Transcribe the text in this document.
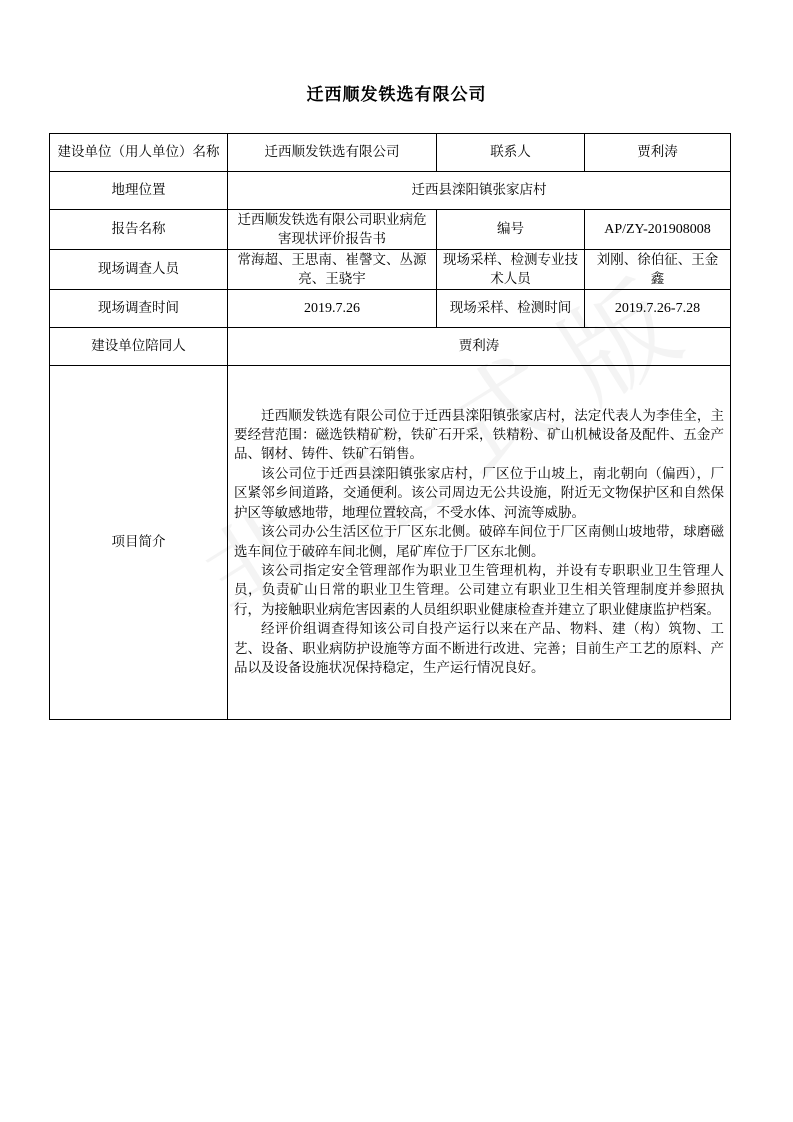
迁西顺发铁选有限公司
建设单位（用人单位）名称	迁西顺发铁选有限公司	联系人	贾利涛
地理位置	迁西县滦阳镇张家店村		
报告名称	迁西顺发铁选有限公司职业病危害现状评价报告书	编号	AP/ZY-201908008
现场调查人员	常海超、王思南、崔謦文、丛源亮、王骁宇	现场采样、检测专业技术人员	刘刚、徐伯征、王金鑫
现场调查时间	2019.7.26	现场采样、检测时间	2019.7.26-7.28
建设单位陪同人	贾利涛		
项目简介	迁西顺发铁选有限公司位于迁西县滦阳镇张家店村，法定代表人为李佳全，主要经营范围：磁选铁精矿粉，铁矿石开采，铁精粉、矿山机械设备及配件、五金产品、钢材、铸件、铁矿石销售。

该公司位于迁西县滦阳镇张家店村，厂区位于山坡上，南北朝向（偏西），厂区紧邻乡间道路，交通便利。该公司周边无公共设施，附近无文物保护区和自然保护区等敏感地带，地理位置较高，不受水体、河流等威胁。

该公司办公生活区位于厂区东北侧。破碎车间位于厂区南侧山坡地带，球磨磁选车间位于破碎车间北侧，尾矿库位于厂区东北侧。

该公司指定安全管理部作为职业卫生管理机构，并设有专职职业卫生管理人员，负责矿山日常的职业卫生管理。公司建立有职业卫生相关管理制度并参照执行，为接触职业病危害因素的人员组织职业健康检查并建立了职业健康监护档案。

经评价组调查得知该公司自投产运行以来在产品、物料、建（构）筑物、工艺、设备、职业病防护设施等方面不断进行改进、完善；目前生产工艺的原料、产品以及设备设施状况保持稳定，生产运行情况良好。		
